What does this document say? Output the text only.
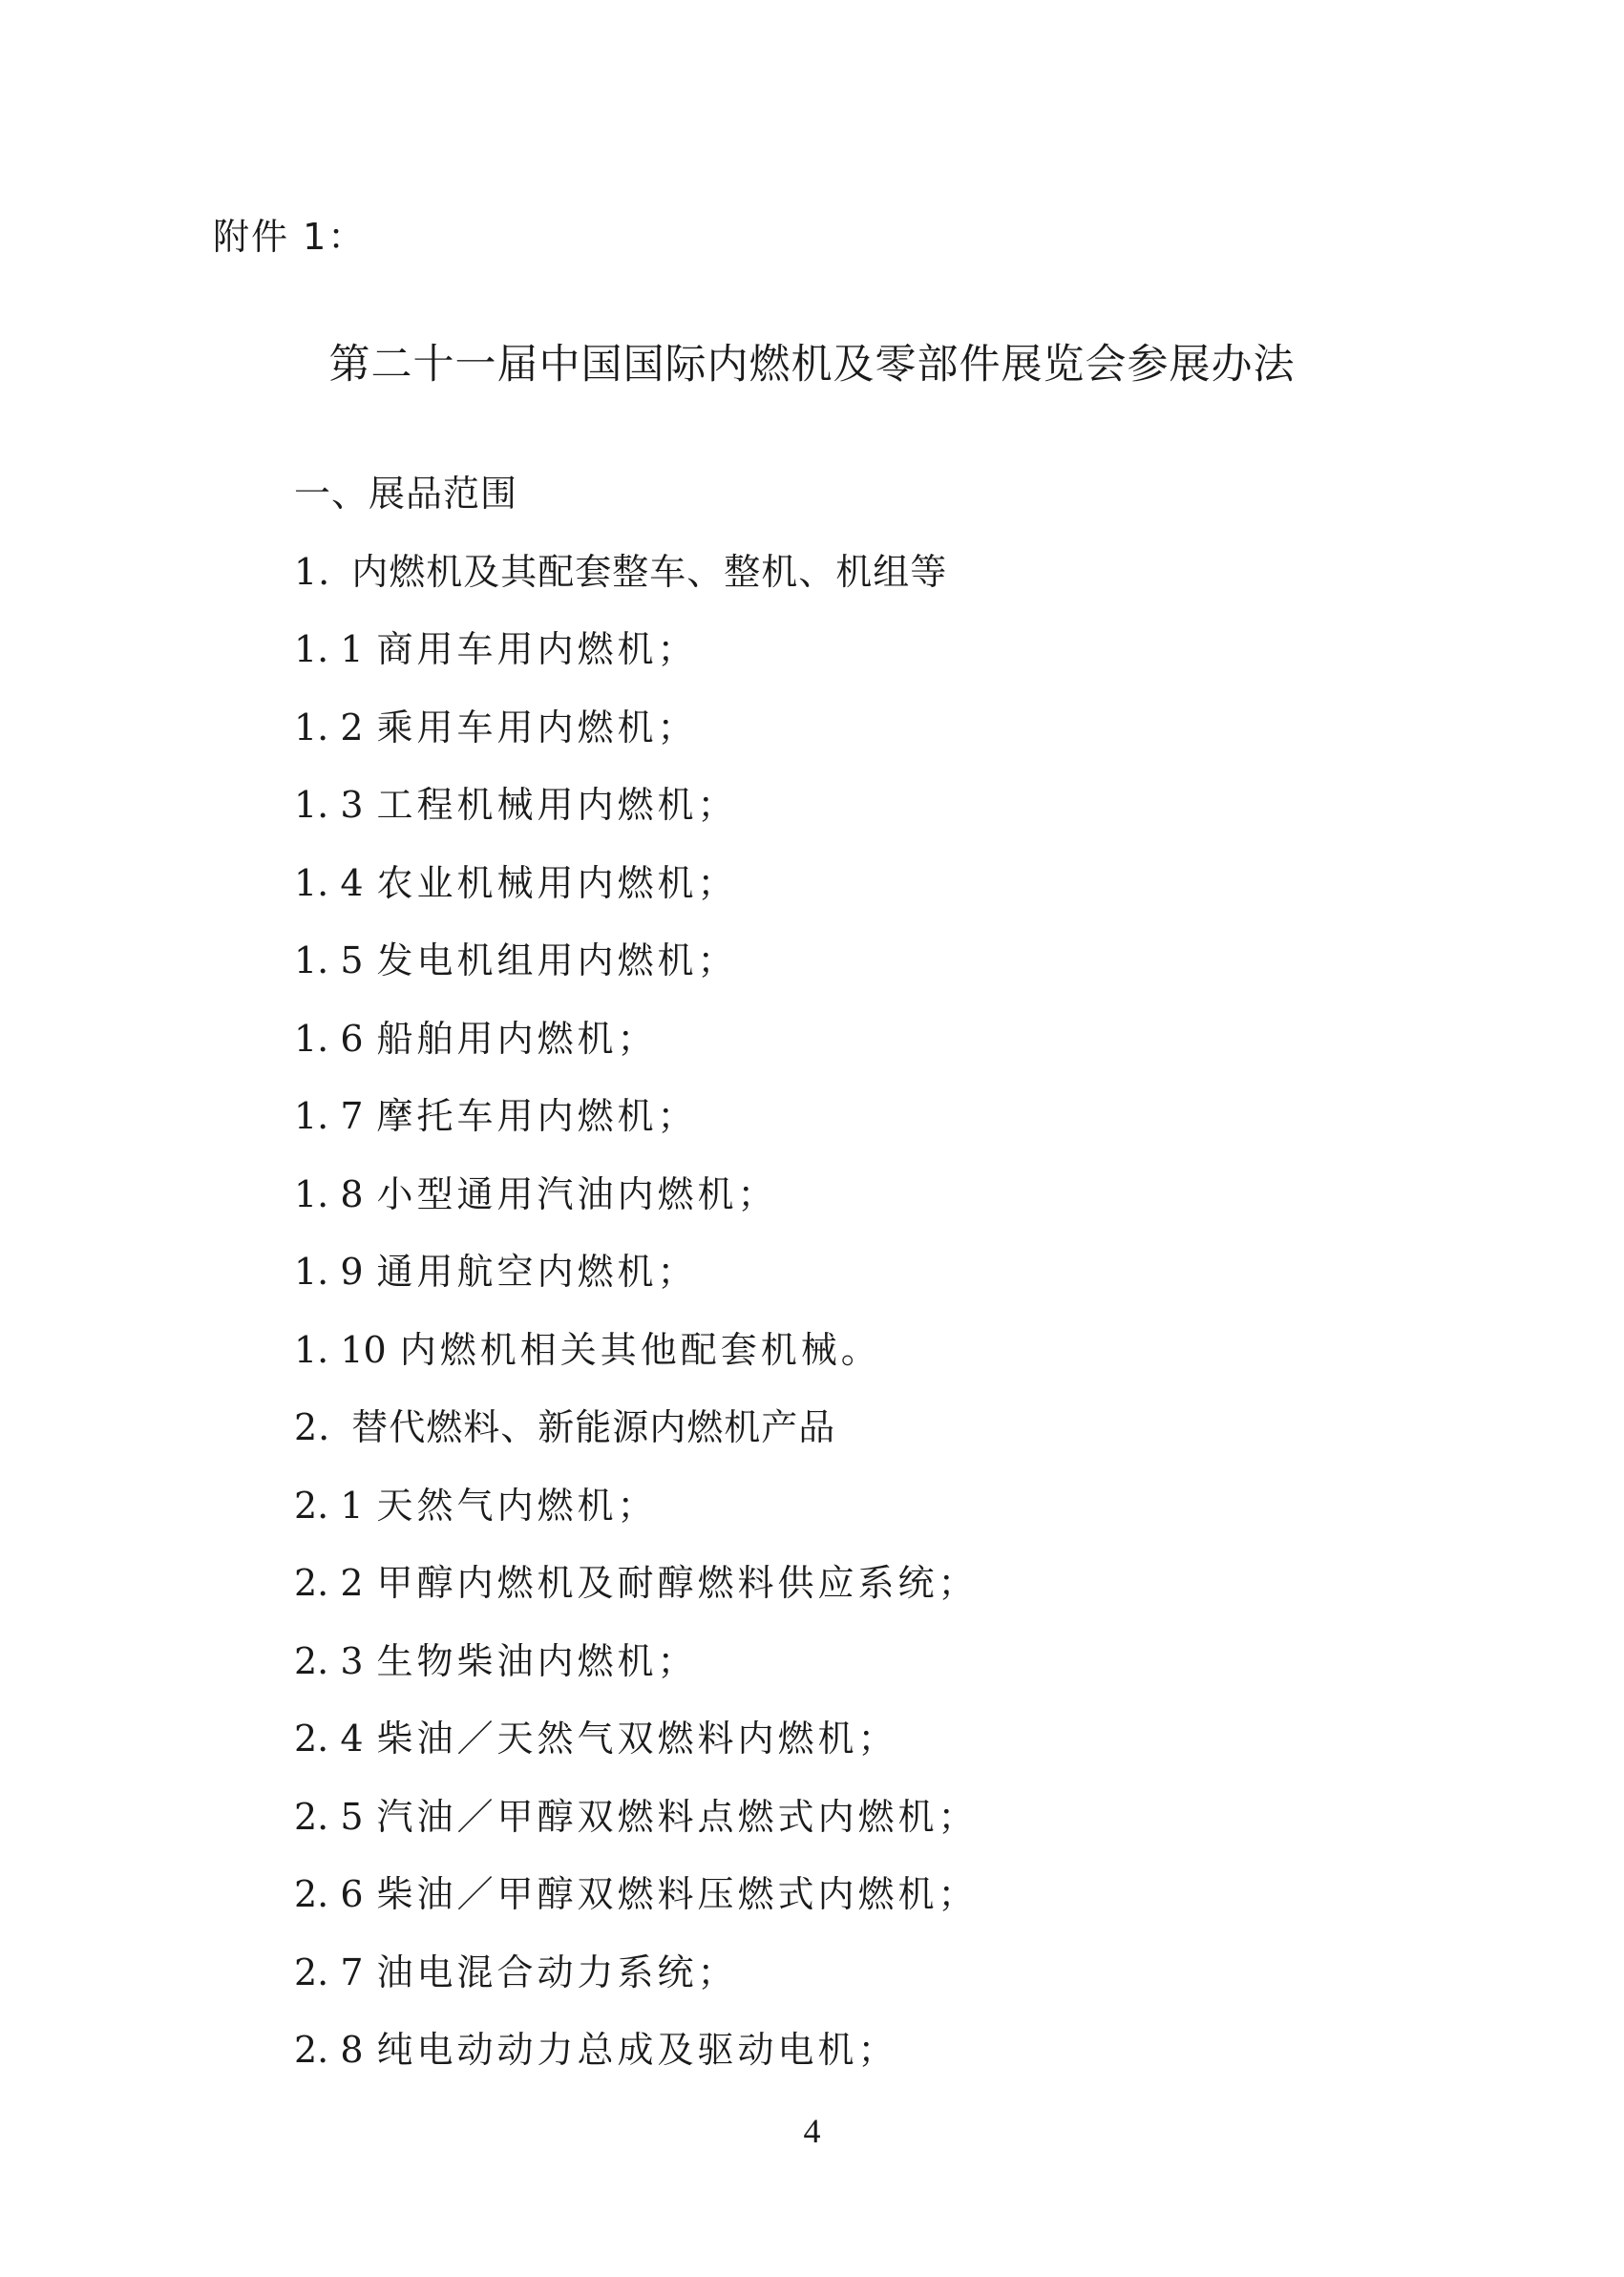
附件 1：
第二十一届中国国际内燃机及零部件展览会参展办法
一、展品范围
1. 内燃机及其配套整车、整机、机组等
1. 1 商用车用内燃机；
1. 2 乘用车用内燃机；
1. 3 工程机械用内燃机；
1. 4 农业机械用内燃机；
1. 5 发电机组用内燃机；
1. 6 船舶用内燃机；
1. 7 摩托车用内燃机；
1. 8 小型通用汽油内燃机；
1. 9 通用航空内燃机；
1. 10 内燃机相关其他配套机械。
2. 替代燃料、新能源内燃机产品
2. 1 天然气内燃机；
2. 2 甲醇内燃机及耐醇燃料供应系统；
2. 3 生物柴油内燃机；
2. 4 柴油／天然气双燃料内燃机；
2. 5 汽油／甲醇双燃料点燃式内燃机；
2. 6 柴油／甲醇双燃料压燃式内燃机；
2. 7 油电混合动力系统；
2. 8 纯电动动力总成及驱动电机；
4
